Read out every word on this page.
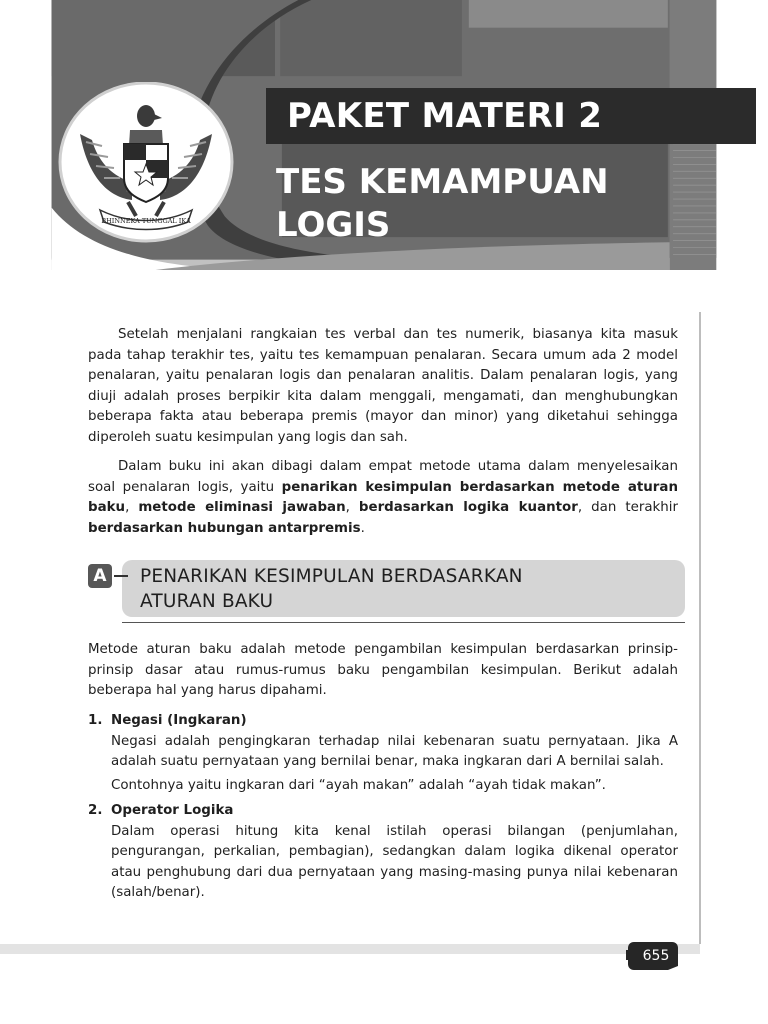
PAKET MATERI 2
TES KEMAMPUAN
LOGIS
BHINNEKA TUNGGAL IKA

Setelah menjalani rangkaian tes verbal dan tes numerik, biasanya kita masuk pada tahap terakhir tes, yaitu tes kemampuan penalaran. Secara umum ada 2 model penalaran, yaitu penalaran logis dan penalaran analitis. Dalam penalaran logis, yang diuji adalah proses berpikir kita dalam menggali, mengamati, dan menghubungkan beberapa fakta atau beberapa premis (mayor dan minor) yang diketahui sehingga diperoleh suatu kesimpulan yang logis dan sah.

Dalam buku ini akan dibagi dalam empat metode utama dalam menyelesaikan soal penalaran logis, yaitu penarikan kesimpulan berdasarkan metode aturan baku, metode eliminasi jawaban, berdasarkan logika kuantor, dan terakhir berdasarkan hubungan antarpremis.

A PENARIKAN KESIMPULAN BERDASARKAN
ATURAN BAKU

Metode aturan baku adalah metode pengambilan kesimpulan berdasarkan prinsip-prinsip dasar atau rumus-rumus baku pengambilan kesimpulan. Berikut adalah beberapa hal yang harus dipahami.

1. Negasi (Ingkaran)

Negasi adalah pengingkaran terhadap nilai kebenaran suatu pernyataan. Jika A adalah suatu pernyataan yang bernilai benar, maka ingkaran dari A bernilai salah.

Contohnya yaitu ingkaran dari “ayah makan” adalah “ayah tidak makan”.

2. Operator Logika

Dalam operasi hitung kita kenal istilah operasi bilangan (penjumlahan, pengurangan, perkalian, pembagian), sedangkan dalam logika dikenal operator atau penghubung dari dua pernyataan yang masing-masing punya nilai kebenaran (salah/benar).

655
